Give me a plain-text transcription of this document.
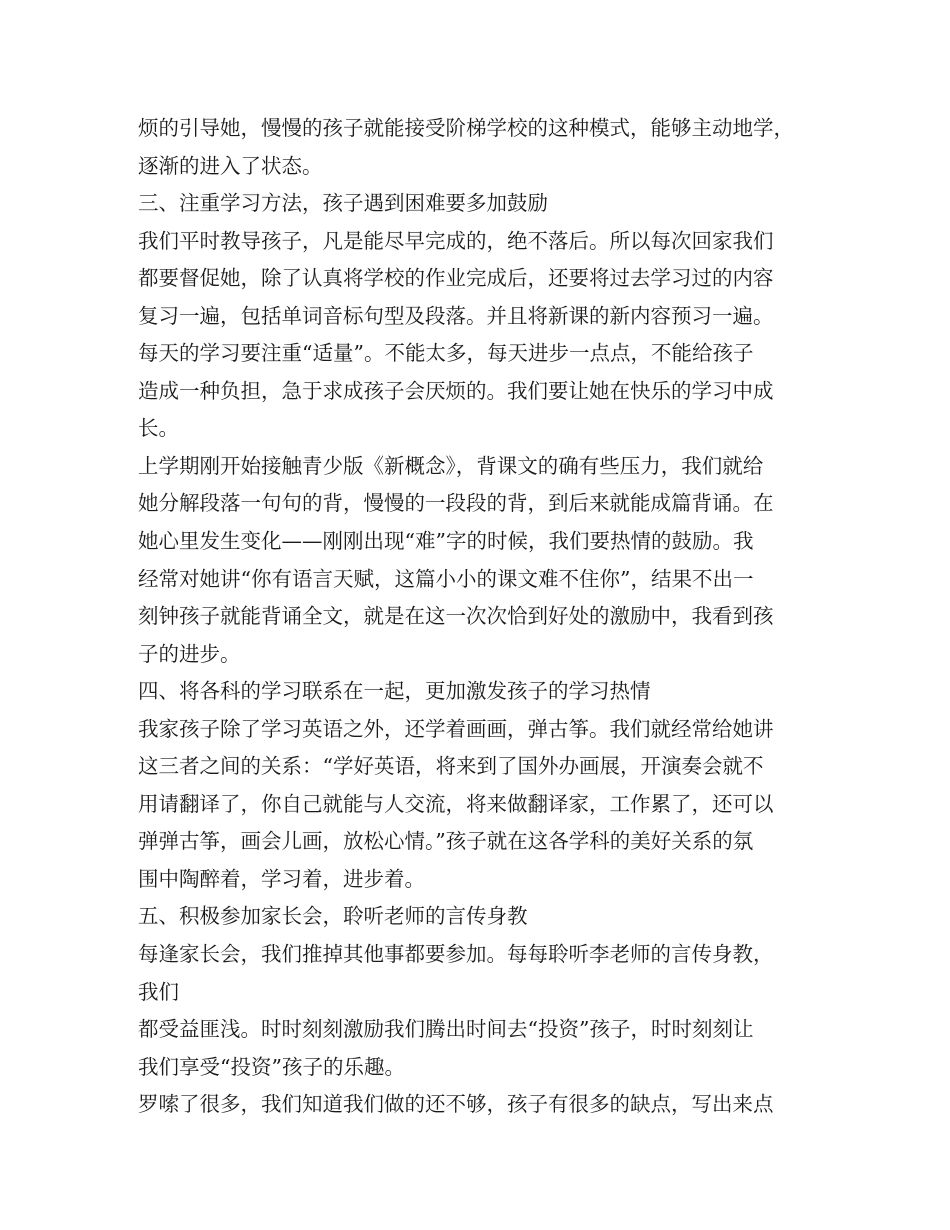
烦的引导她，慢慢的孩子就能接受阶梯学校的这种模式，能够主动地学，
逐渐的进入了状态。
三、注重学习方法，孩子遇到困难要多加鼓励
我们平时教导孩子，凡是能尽早完成的，绝不落后。所以每次回家我们
都要督促她，除了认真将学校的作业完成后，还要将过去学习过的内容
复习一遍，包括单词音标句型及段落。并且将新课的新内容预习一遍。
每天的学习要注重“适量”。不能太多，每天进步一点点，不能给孩子
造成一种负担，急于求成孩子会厌烦的。我们要让她在快乐的学习中成
长。
上学期刚开始接触青少版《新概念》，背课文的确有些压力，我们就给
她分解段落一句句的背，慢慢的一段段的背，到后来就能成篇背诵。在
她心里发生变化——刚刚出现“难”字的时候，我们要热情的鼓励。我
经常对她讲“你有语言天赋，这篇小小的课文难不住你”，结果不出一
刻钟孩子就能背诵全文，就是在这一次次恰到好处的激励中，我看到孩
子的进步。
四、将各科的学习联系在一起，更加激发孩子的学习热情
我家孩子除了学习英语之外，还学着画画，弹古筝。我们就经常给她讲
这三者之间的关系：“学好英语，将来到了国外办画展，开演奏会就不
用请翻译了，你自己就能与人交流，将来做翻译家，工作累了，还可以
弹弹古筝，画会儿画，放松心情。”孩子就在这各学科的美好关系的氛
围中陶醉着，学习着，进步着。
五、积极参加家长会，聆听老师的言传身教
每逢家长会，我们推掉其他事都要参加。每每聆听李老师的言传身教，
我们
都受益匪浅。时时刻刻激励我们腾出时间去“投资”孩子，时时刻刻让
我们享受“投资”孩子的乐趣。
罗嗦了很多，我们知道我们做的还不够，孩子有很多的缺点，写出来点
